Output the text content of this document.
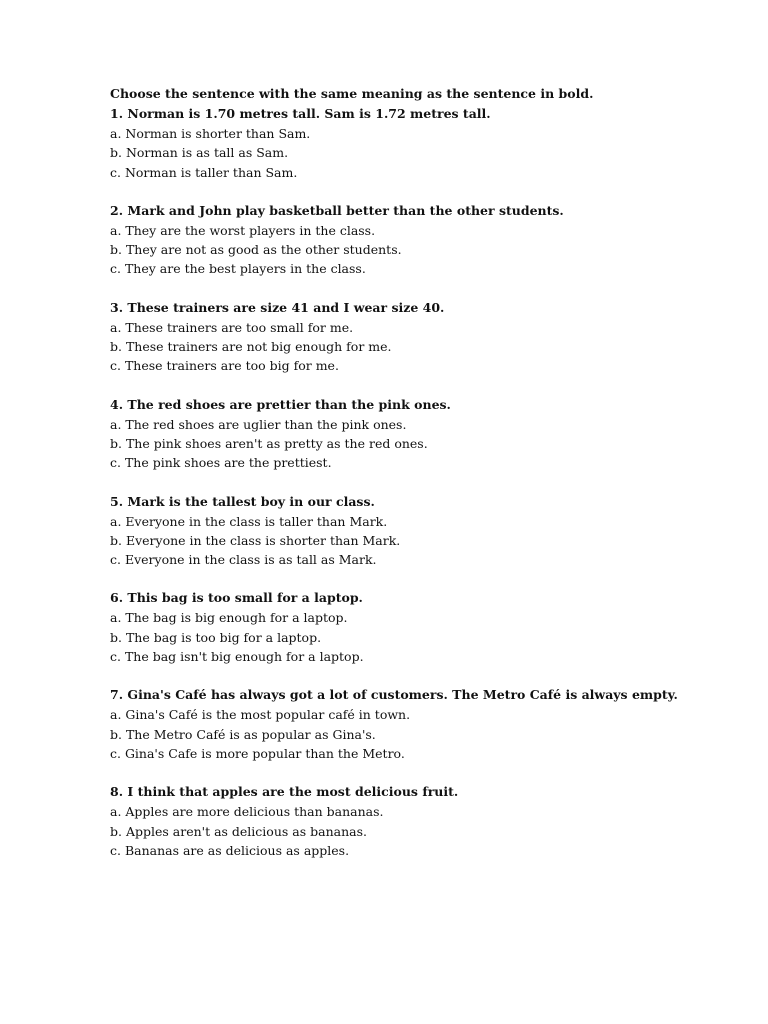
Choose the sentence with the same meaning as the sentence in bold.
1. Norman is 1.70 metres tall. Sam is 1.72 metres tall.
a. Norman is shorter than Sam.
b. Norman is as tall as Sam.
c. Norman is taller than Sam.
2. Mark and John play basketball better than the other students.
a. They are the worst players in the class.
b. They are not as good as the other students.
c. They are the best players in the class.
3. These trainers are size 41 and I wear size 40.
a. These trainers are too small for me.
b. These trainers are not big enough for me.
c. These trainers are too big for me.
4. The red shoes are prettier than the pink ones.
a. The red shoes are uglier than the pink ones.
b. The pink shoes aren't as pretty as the red ones.
c. The pink shoes are the prettiest.
5. Mark is the tallest boy in our class.
a. Everyone in the class is taller than Mark.
b. Everyone in the class is shorter than Mark.
c. Everyone in the class is as tall as Mark.
6. This bag is too small for a laptop.
a. The bag is big enough for a laptop.
b. The bag is too big for a laptop.
c. The bag isn't big enough for a laptop.
7. Gina's Café has always got a lot of customers. The Metro Café is always empty.
a. Gina's Café is the most popular café in town.
b. The Metro Café is as popular as Gina's.
c. Gina's Cafe is more popular than the Metro.
8. I think that apples are the most delicious fruit.
a. Apples are more delicious than bananas.
b. Apples aren't as delicious as bananas.
c. Bananas are as delicious as apples.
